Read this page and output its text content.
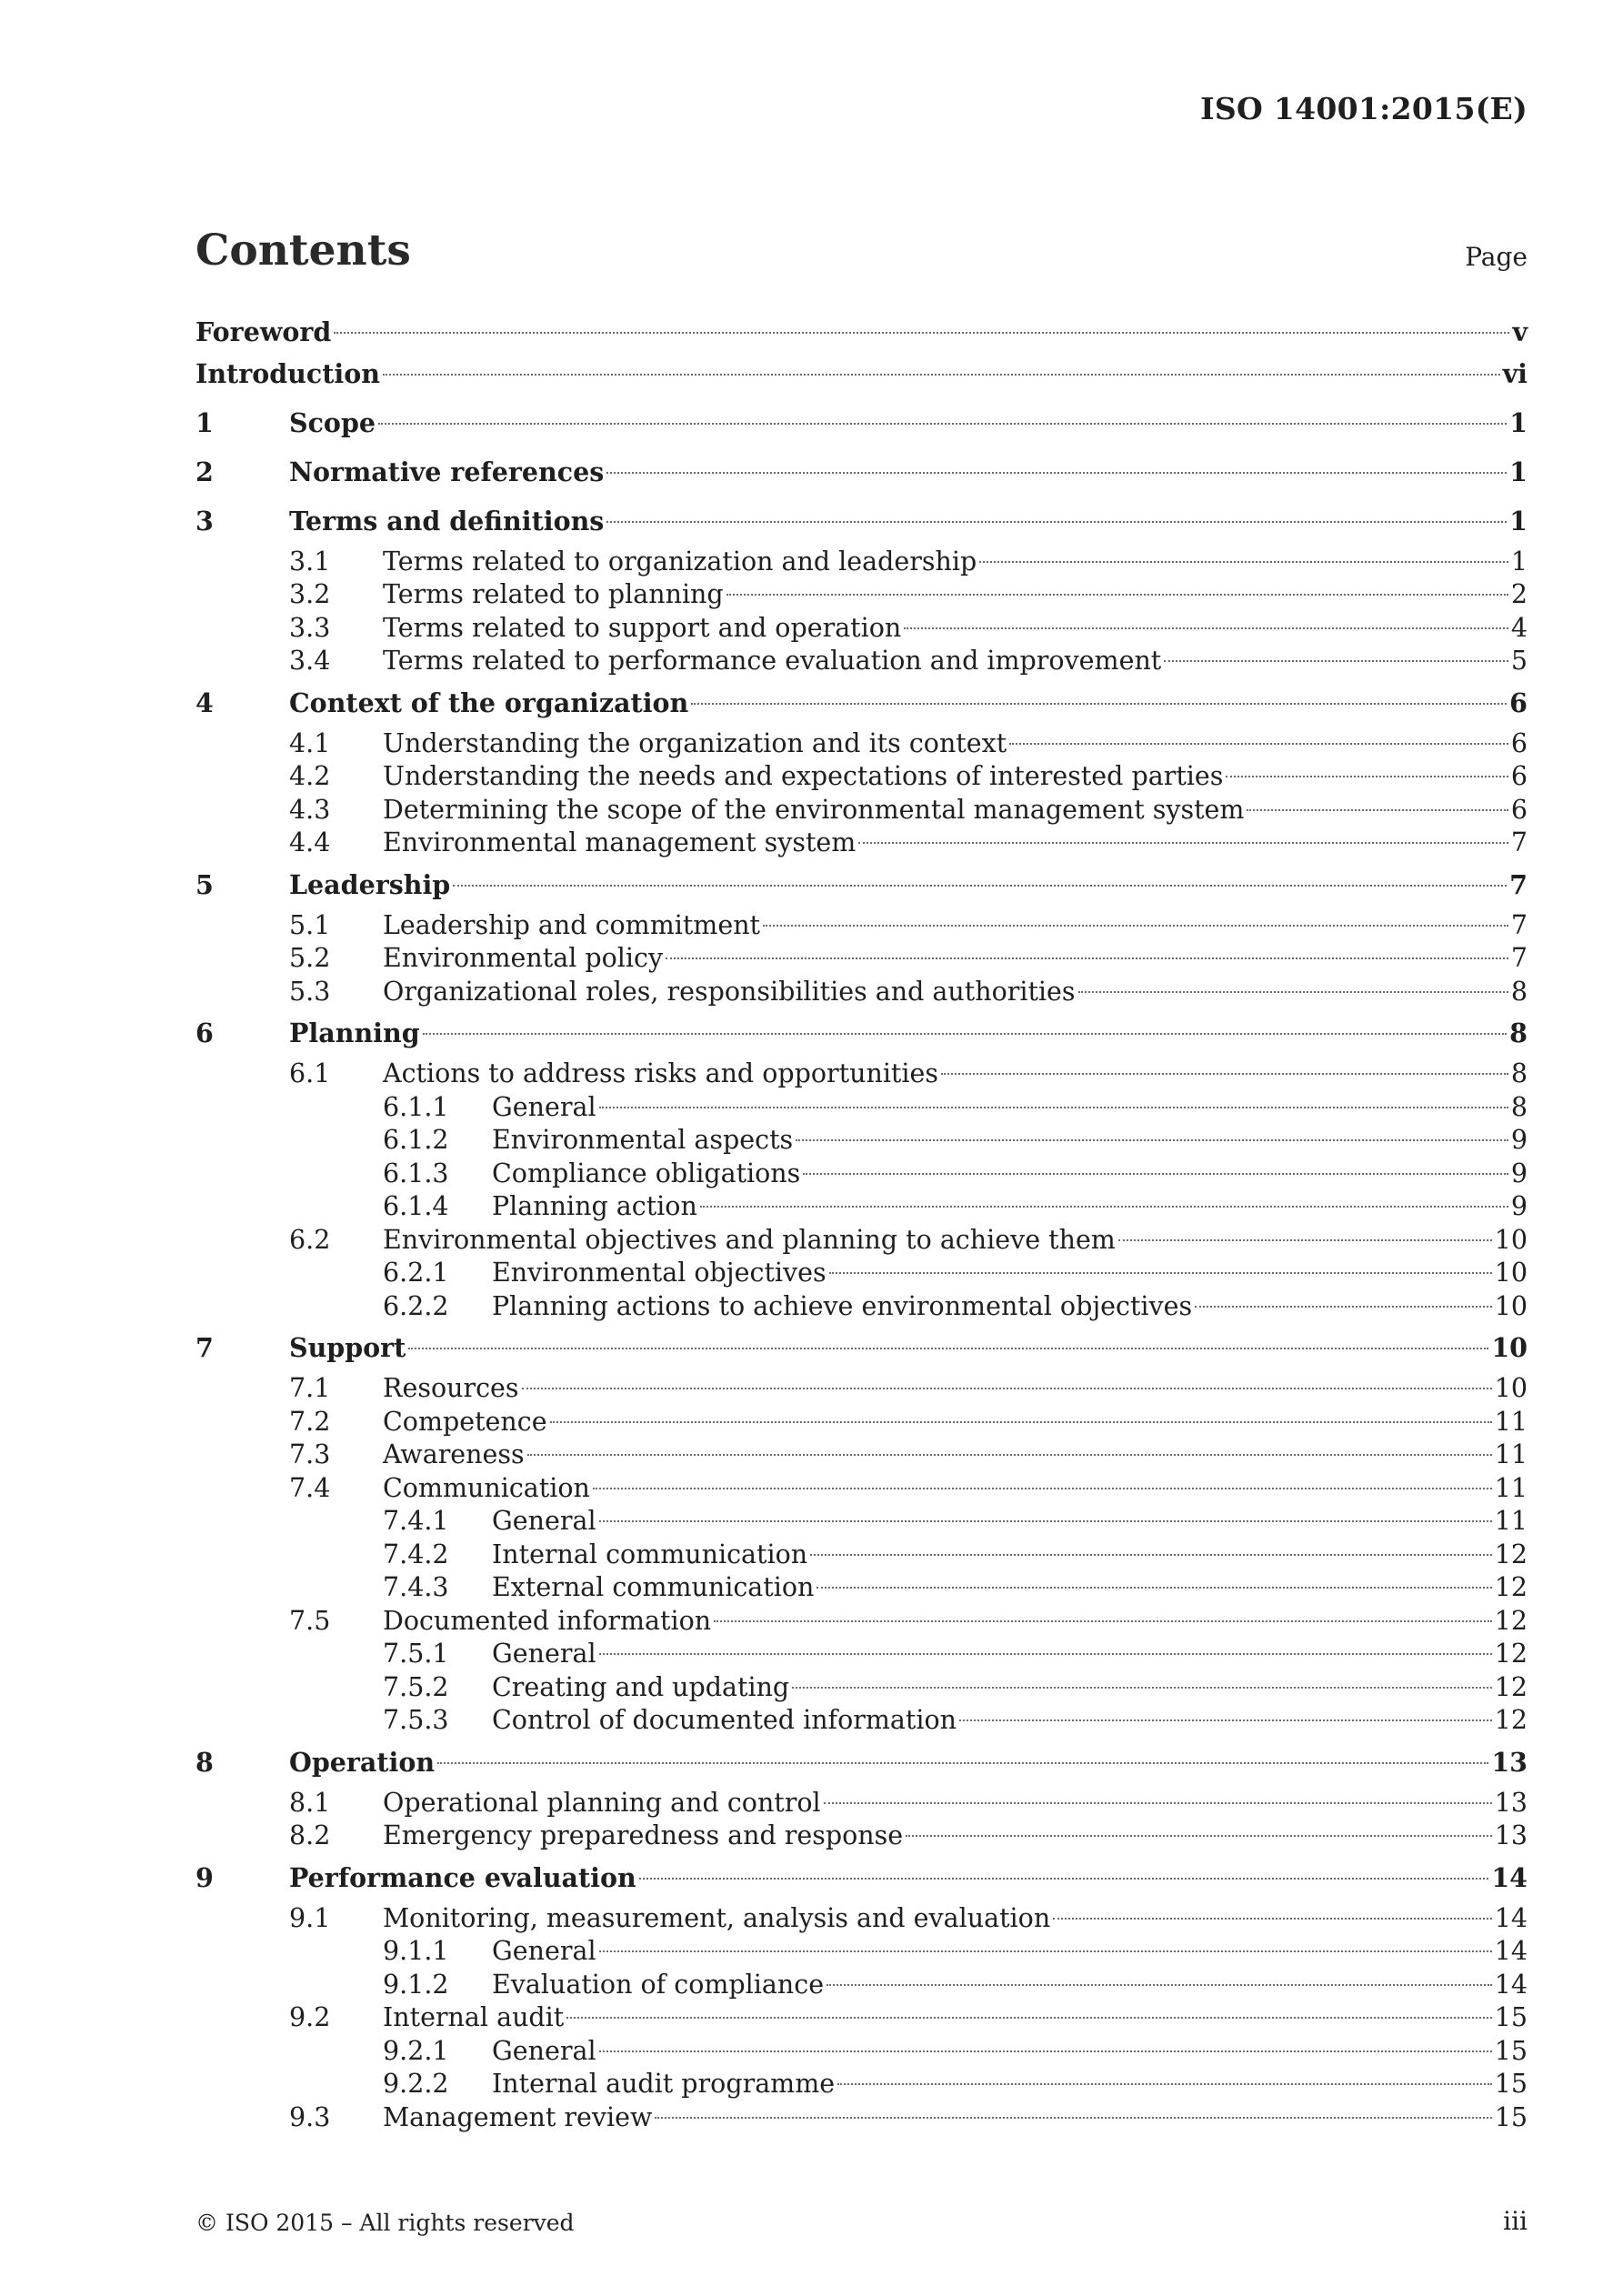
ISO 14001:2015(E)
Contents	Page
Foreword	v
Introduction	vi
1	Scope	1
2	Normative references	1
3	Terms and definitions	1
3.1	Terms related to organization and leadership	1
3.2	Terms related to planning	2
3.3	Terms related to support and operation	4
3.4	Terms related to performance evaluation and improvement	5
4	Context of the organization	6
4.1	Understanding the organization and its context	6
4.2	Understanding the needs and expectations of interested parties	6
4.3	Determining the scope of the environmental management system	6
4.4	Environmental management system	7
5	Leadership	7
5.1	Leadership and commitment	7
5.2	Environmental policy	7
5.3	Organizational roles, responsibilities and authorities	8
6	Planning	8
6.1	Actions to address risks and opportunities	8
6.1.1	General	8
6.1.2	Environmental aspects	9
6.1.3	Compliance obligations	9
6.1.4	Planning action	9
6.2	Environmental objectives and planning to achieve them	10
6.2.1	Environmental objectives	10
6.2.2	Planning actions to achieve environmental objectives	10
7	Support	10
7.1	Resources	10
7.2	Competence	11
7.3	Awareness	11
7.4	Communication	11
7.4.1	General	11
7.4.2	Internal communication	12
7.4.3	External communication	12
7.5	Documented information	12
7.5.1	General	12
7.5.2	Creating and updating	12
7.5.3	Control of documented information	12
8	Operation	13
8.1	Operational planning and control	13
8.2	Emergency preparedness and response	13
9	Performance evaluation	14
9.1	Monitoring, measurement, analysis and evaluation	14
9.1.1	General	14
9.1.2	Evaluation of compliance	14
9.2	Internal audit	15
9.2.1	General	15
9.2.2	Internal audit programme	15
9.3	Management review	15
© ISO 2015 – All rights reserved	iii
